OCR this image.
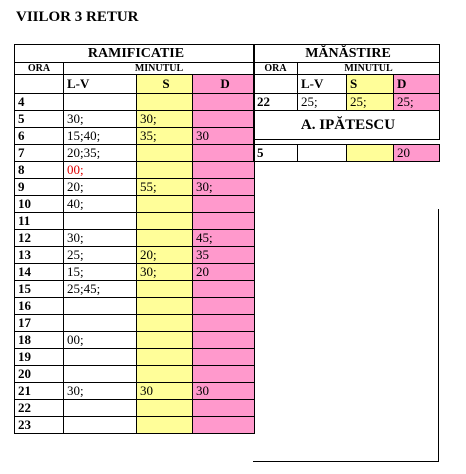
VIILOR 3 RETUR
RAMIFICATIE			
ORA	MINUTUL		
	L-V	S	D
4			
5	30;	30;	
6	15;40;	35;	30
7	20;35;		
8	00;		
9	20;	55;	30;
10	40;		
11			
12	30;		45;
13	25;	20;	35
14	15;	30;	20
15	25;45;		
16			
17			
18	00;		
19			
20			
21	30;	30	30
22			
23			
MĂNĂSTIRE			
ORA	MINUTUL		
	L-V	S	D
22	25;	25;	25;
A. IPĂTESCU			

5			20
